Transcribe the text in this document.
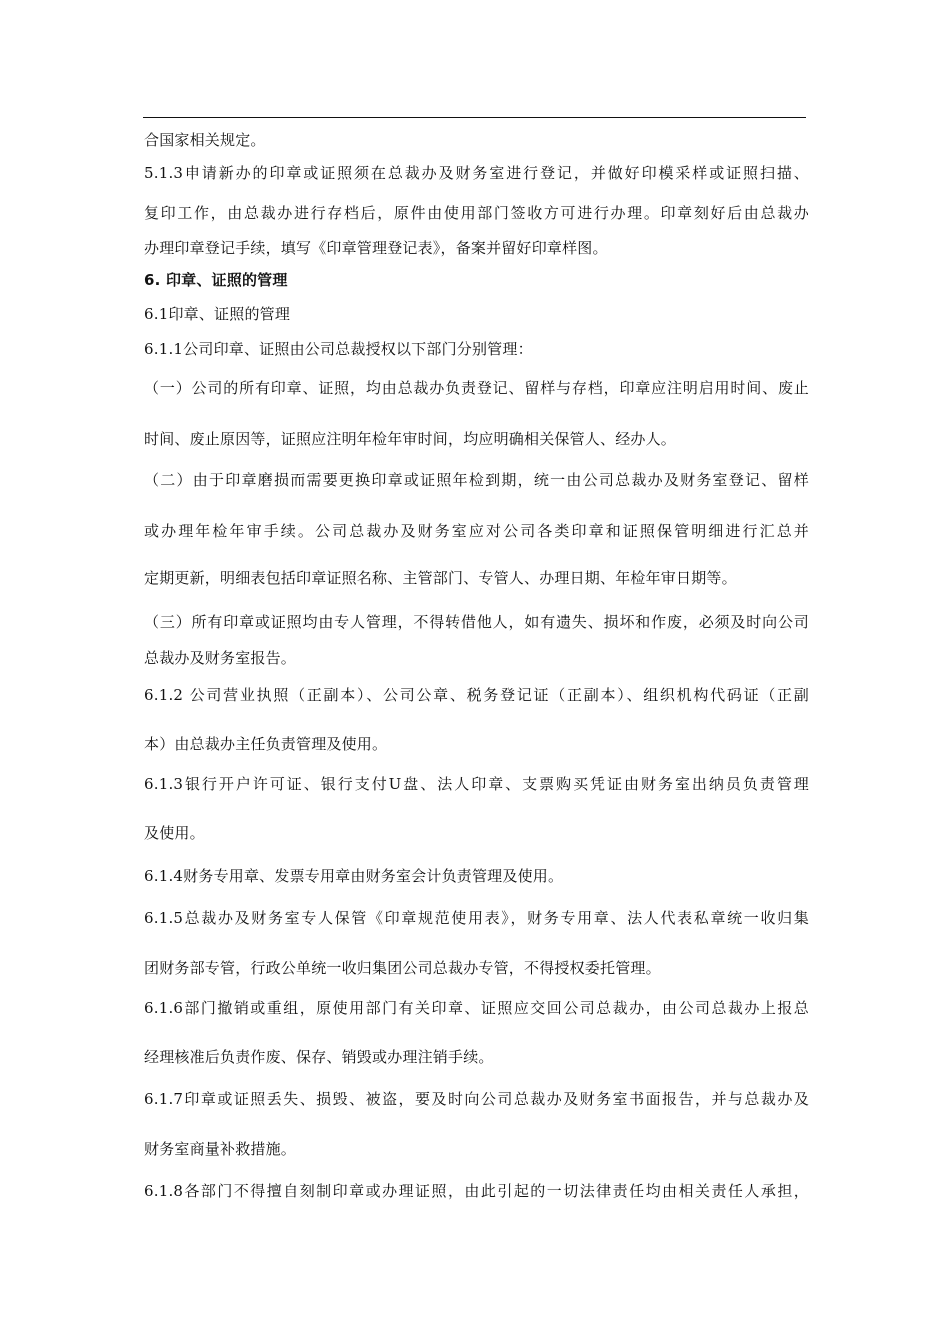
合国家相关规定。
5.1.3申请新办的印章或证照须在总裁办及财务室进行登记，并做好印模采样或证照扫描、
复印工作，由总裁办进行存档后，原件由使用部门签收方可进行办理。印章刻好后由总裁办
办理印章登记手续，填写《印章管理登记表》，备案并留好印章样图。
6. 印章、证照的管理
6.1印章、证照的管理
6.1.1公司印章、证照由公司总裁授权以下部门分别管理：
（一）公司的所有印章、证照，均由总裁办负责登记、留样与存档，印章应注明启用时间、废止
时间、废止原因等，证照应注明年检年审时间，均应明确相关保管人、经办人。
（二）由于印章磨损而需要更换印章或证照年检到期，统一由公司总裁办及财务室登记、留样
或办理年检年审手续。公司总裁办及财务室应对公司各类印章和证照保管明细进行汇总并
定期更新，明细表包括印章证照名称、主管部门、专管人、办理日期、年检年审日期等。
（三）所有印章或证照均由专人管理，不得转借他人，如有遗失、损坏和作废，必须及时向公司
总裁办及财务室报告。
6.1.2 公司营业执照（正副本）、公司公章、税务登记证（正副本）、组织机构代码证（正副
本）由总裁办主任负责管理及使用。
6.1.3银行开户许可证、银行支付U盘、法人印章、支票购买凭证由财务室出纳员负责管理
及使用。
6.1.4财务专用章、发票专用章由财务室会计负责管理及使用。
6.1.5总裁办及财务室专人保管《印章规范使用表》，财务专用章、法人代表私章统一收归集
团财务部专管，行政公单统一收归集团公司总裁办专管，不得授权委托管理。
6.1.6部门撤销或重组，原使用部门有关印章、证照应交回公司总裁办，由公司总裁办上报总
经理核准后负责作废、保存、销毁或办理注销手续。
6.1.7印章或证照丢失、损毁、被盗，要及时向公司总裁办及财务室书面报告，并与总裁办及
财务室商量补救措施。
6.1.8各部门不得擅自刻制印章或办理证照，由此引起的一切法律责任均由相关责任人承担，
